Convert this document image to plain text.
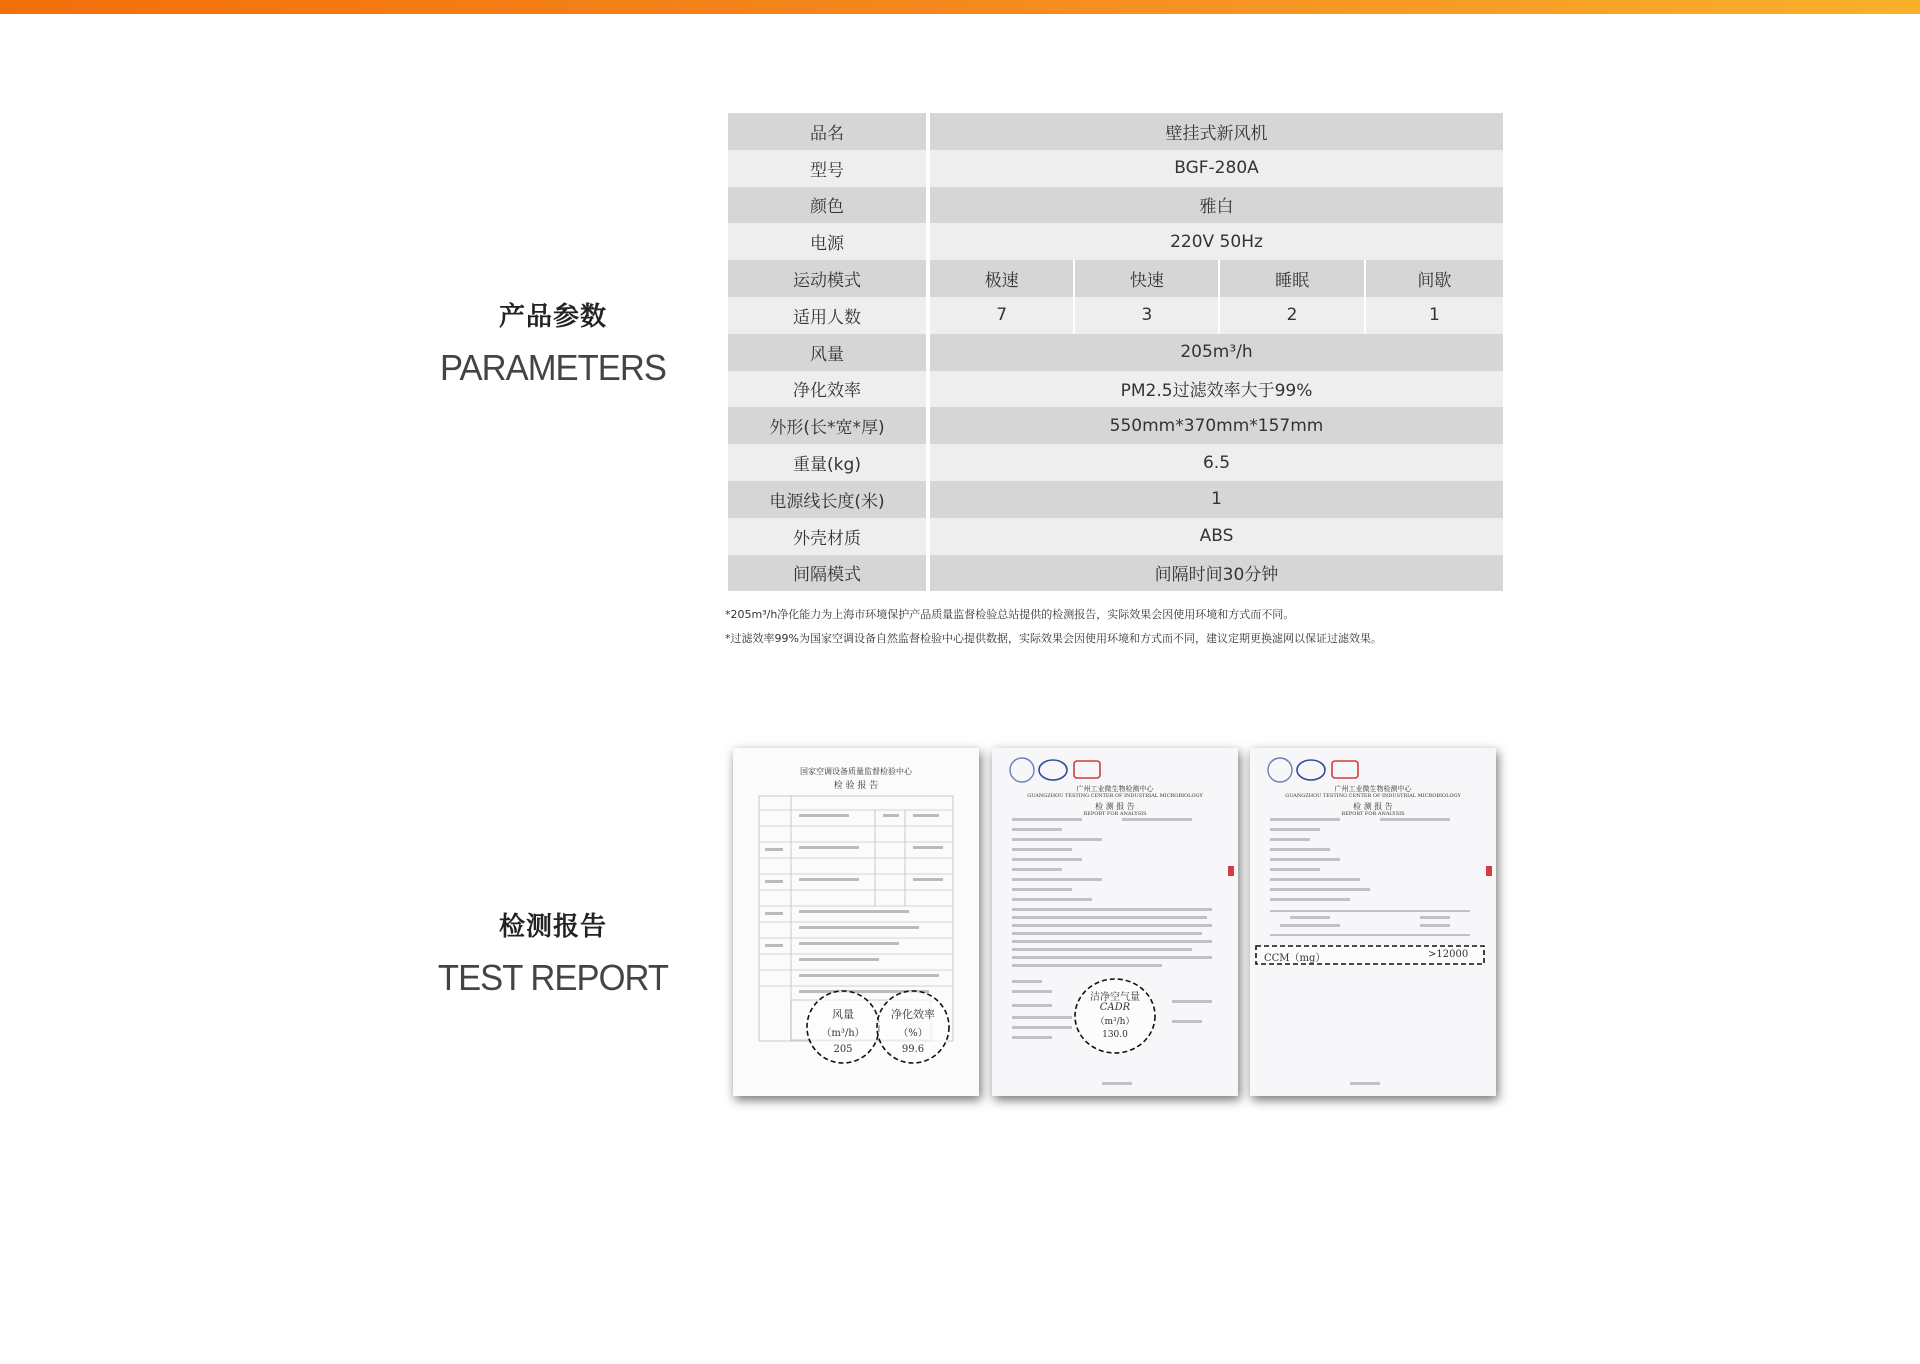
产品参数
PARAMETERS
品名	壁挂式新风机			
型号	BGF-280A			
颜色	雅白			
电源	220V 50Hz			
运动模式	极速	快速	睡眠	间歇
适用人数	7	3	2	1
风量	205m³/h			
净化效率	PM2.5过滤效率大于99%			
外形(长*宽*厚)	550mm*370mm*157mm			
重量(kg)	6.5			
电源线长度(米)	1			
外壳材质	ABS			
间隔模式	间隔时间30分钟			
*205m³/h净化能力为上海市环境保护产品质量监督检验总站提供的检测报告，实际效果会因使用环境和方式而不同。
*过滤效率99%为国家空调设备自然监督检验中心提供数据，实际效果会因使用环境和方式而不同，建议定期更换滤网以保证过滤效果。
检测报告
TEST REPORT
国家空调设备质量监督检验中心
检 验 报 告
风量
（m³/h）
205
净化效率
（%）
99.6
广州工业微生物检测中心
GUANGZHOU TESTING CENTER OF INDUSTRIAL MICROBIOLOGY
检 测 报 告
REPORT FOR ANALYSIS
洁净空气量
CADR
（m³/h）
130.0
广州工业微生物检测中心
GUANGZHOU TESTING CENTER OF INDUSTRIAL MICROBIOLOGY
检 测 报 告
REPORT FOR ANALYSIS
CCM（mg）	>12000
